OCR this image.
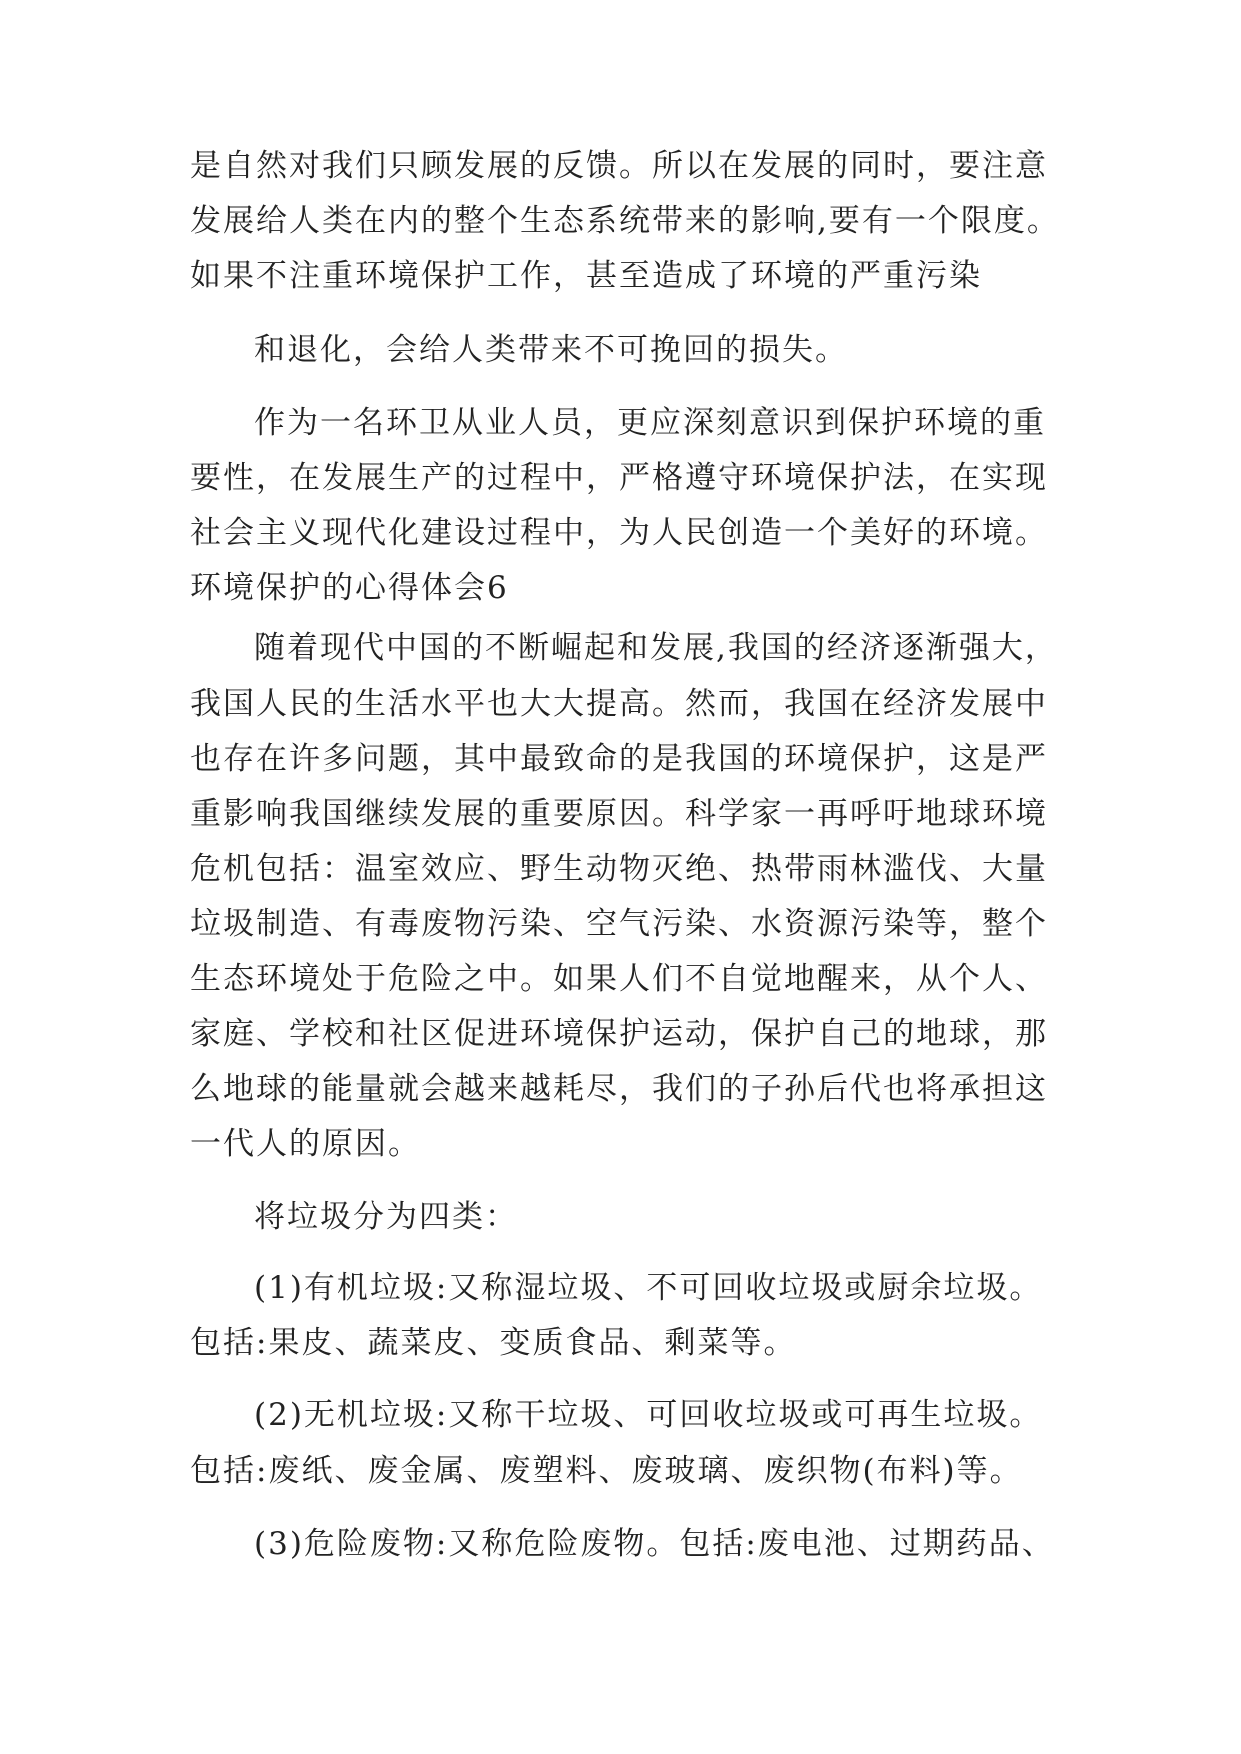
是自然对我们只顾发展的反馈。所以在发展的同时，要注意
发展给人类在内的整个生态系统带来的影响,要有一个限度。
如果不注重环境保护工作，甚至造成了环境的严重污染
和退化，会给人类带来不可挽回的损失。
作为一名环卫从业人员，更应深刻意识到保护环境的重
要性，在发展生产的过程中，严格遵守环境保护法，在实现
社会主义现代化建设过程中，为人民创造一个美好的环境。
环境保护的心得体会6
随着现代中国的不断崛起和发展,我国的经济逐渐强大，
我国人民的生活水平也大大提高。然而，我国在经济发展中
也存在许多问题，其中最致命的是我国的环境保护，这是严
重影响我国继续发展的重要原因。科学家一再呼吁地球环境
危机包括：温室效应、野生动物灭绝、热带雨林滥伐、大量
垃圾制造、有毒废物污染、空气污染、水资源污染等，整个
生态环境处于危险之中。如果人们不自觉地醒来，从个人、
家庭、学校和社区促进环境保护运动，保护自己的地球，那
么地球的能量就会越来越耗尽，我们的子孙后代也将承担这
一代人的原因。
将垃圾分为四类：
(1)有机垃圾:又称湿垃圾、不可回收垃圾或厨余垃圾。
包括:果皮、蔬菜皮、变质食品、剩菜等。
(2)无机垃圾:又称干垃圾、可回收垃圾或可再生垃圾。
包括:废纸、废金属、废塑料、废玻璃、废织物(布料)等。
(3)危险废物:又称危险废物。包括:废电池、过期药品、
